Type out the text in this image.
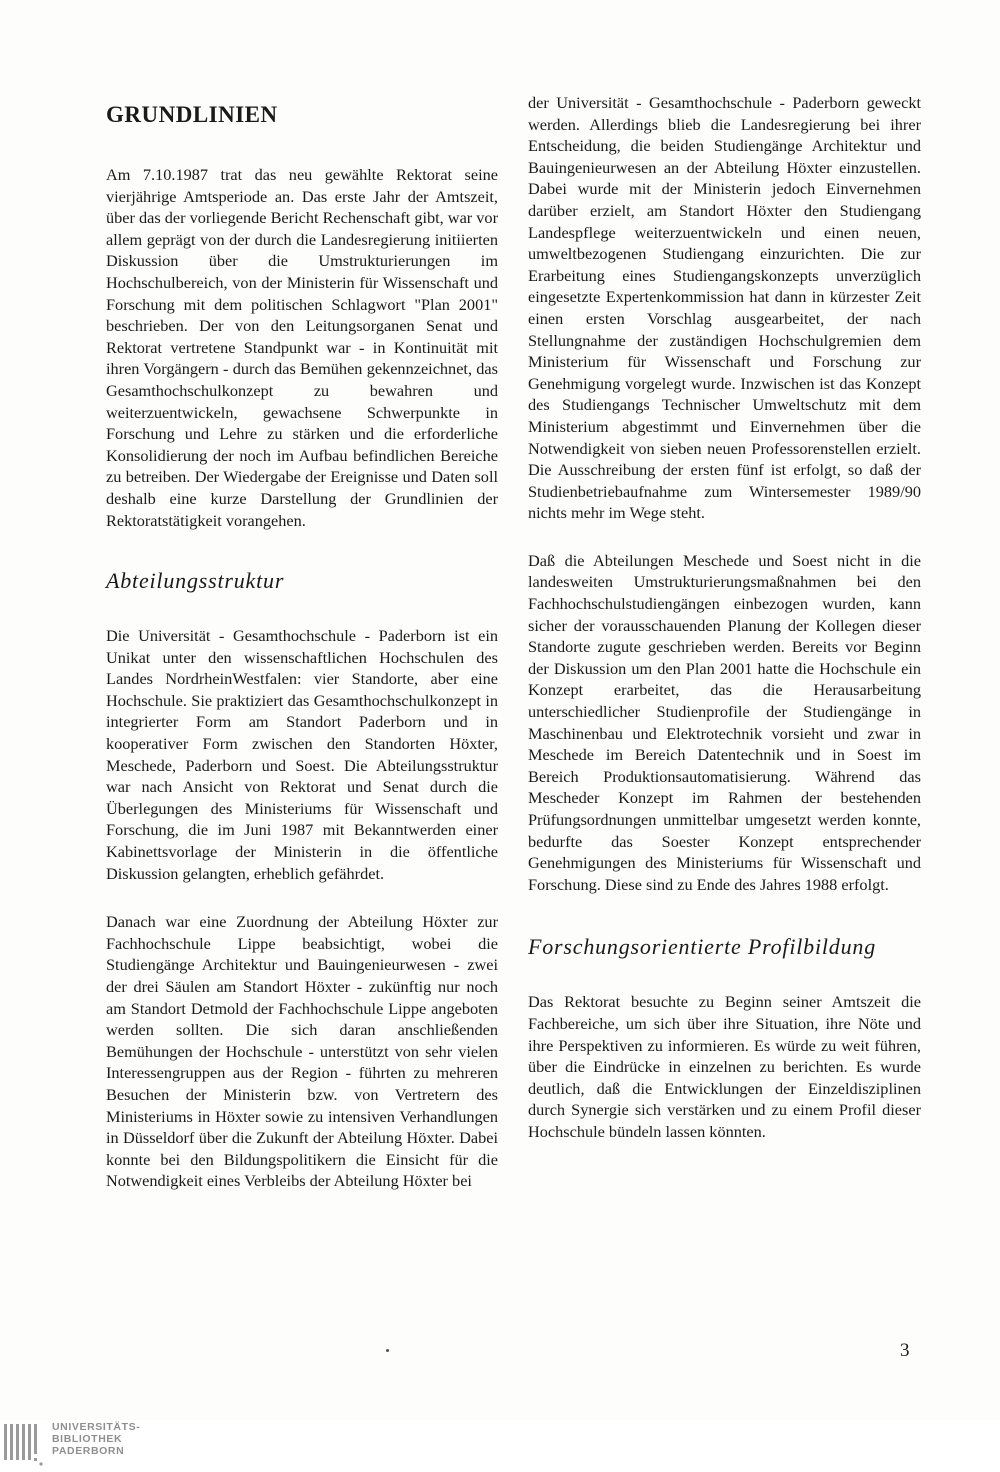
GRUNDLINIEN

Am 7.10.1987 trat das neu gewählte Rektorat seine vierjährige Amtsperiode an. Das erste Jahr der Amtszeit, über das der vorliegende Bericht Rechenschaft gibt, war vor allem geprägt von der durch die Landesregierung initiierten Diskussion über die Umstrukturierungen im Hochschulbereich, von der Ministerin für Wissenschaft und Forschung mit dem politischen Schlagwort "Plan 2001" beschrieben. Der von den Leitungsorganen Senat und Rektorat vertretene Standpunkt war - in Kontinuität mit ihren Vorgängern - durch das Bemühen gekennzeichnet, das Gesamthochschulkonzept zu bewahren und weiterzuentwickeln, gewachsene Schwerpunkte in Forschung und Lehre zu stärken und die erforderliche Konsolidierung der noch im Aufbau befindlichen Bereiche zu betreiben. Der Wiedergabe der Ereignisse und Daten soll deshalb eine kurze Darstellung der Grundlinien der Rektoratstätigkeit vorangehen.

Abteilungsstruktur

Die Universität - Gesamthochschule - Paderborn ist ein Unikat unter den wissenschaftlichen Hochschulen des Landes NordrheinWestfalen: vier Standorte, aber eine Hochschule. Sie praktiziert das Gesamthochschulkonzept in integrierter Form am Standort Paderborn und in kooperativer Form zwischen den Standorten Höxter, Meschede, Paderborn und Soest. Die Abteilungsstruktur war nach Ansicht von Rektorat und Senat durch die Überlegungen des Ministeriums für Wissenschaft und Forschung, die im Juni 1987 mit Bekanntwerden einer Kabinettsvorlage der Ministerin in die öffentliche Diskussion gelangten, erheblich gefährdet.

Danach war eine Zuordnung der Abteilung Höxter zur Fachhochschule Lippe beabsichtigt, wobei die Studiengänge Architektur und Bauingenieurwesen - zwei der drei Säulen am Standort Höxter - zukünftig nur noch am Standort Detmold der Fachhochschule Lippe angeboten werden sollten. Die sich daran anschließenden Bemühungen der Hochschule - unterstützt von sehr vielen Interessengruppen aus der Region - führten zu mehreren Besuchen der Ministerin bzw. von Vertretern des Ministeriums in Höxter sowie zu intensiven Verhandlungen in Düsseldorf über die Zukunft der Abteilung Höxter. Dabei konnte bei den Bildungspolitikern die Einsicht für die Notwendigkeit eines Verbleibs der Abteilung Höxter bei

der Universität - Gesamthochschule - Paderborn geweckt werden. Allerdings blieb die Landesregierung bei ihrer Entscheidung, die beiden Studiengänge Architektur und Bauingenieurwesen an der Abteilung Höxter einzustellen. Dabei wurde mit der Ministerin jedoch Einvernehmen darüber erzielt, am Standort Höxter den Studiengang Landespflege weiterzuentwickeln und einen neuen, umweltbezogenen Studiengang einzurichten. Die zur Erarbeitung eines Studiengangskonzepts unverzüglich eingesetzte Expertenkommission hat dann in kürzester Zeit einen ersten Vorschlag ausgearbeitet, der nach Stellungnahme der zuständigen Hochschulgremien dem Ministerium für Wissenschaft und Forschung zur Genehmigung vorgelegt wurde. Inzwischen ist das Konzept des Studiengangs Technischer Umweltschutz mit dem Ministerium abgestimmt und Einvernehmen über die Notwendigkeit von sieben neuen Professorenstellen erzielt. Die Ausschreibung der ersten fünf ist erfolgt, so daß der Studienbetriebaufnahme zum Wintersemester 1989/90 nichts mehr im Wege steht.

Daß die Abteilungen Meschede und Soest nicht in die landesweiten Umstrukturierungsmaßnahmen bei den Fachhochschulstudiengängen einbezogen wurden, kann sicher der vorausschauenden Planung der Kollegen dieser Standorte zugute geschrieben werden. Bereits vor Beginn der Diskussion um den Plan 2001 hatte die Hochschule ein Konzept erarbeitet, das die Herausarbeitung unterschiedlicher Studienprofile der Studiengänge in Maschinenbau und Elektrotechnik vorsieht und zwar in Meschede im Bereich Datentechnik und in Soest im Bereich Produktionsautomatisierung. Während das Mescheder Konzept im Rahmen der bestehenden Prüfungsordnungen unmittelbar umgesetzt werden konnte, bedurfte das Soester Konzept entsprechender Genehmigungen des Ministeriums für Wissenschaft und Forschung. Diese sind zu Ende des Jahres 1988 erfolgt.

Forschungsorientierte Profilbildung

Das Rektorat besuchte zu Beginn seiner Amtszeit die Fachbereiche, um sich über ihre Situation, ihre Nöte und ihre Perspektiven zu informieren. Es würde zu weit führen, über die Eindrücke in einzelnen zu berichten. Es wurde deutlich, daß die Entwicklungen der Einzeldisziplinen durch Synergie sich verstärken und zu einem Profil dieser Hochschule bündeln lassen könnten.

3
UNIVERSITÄTS-
BIBLIOTHEK
PADERBORN
